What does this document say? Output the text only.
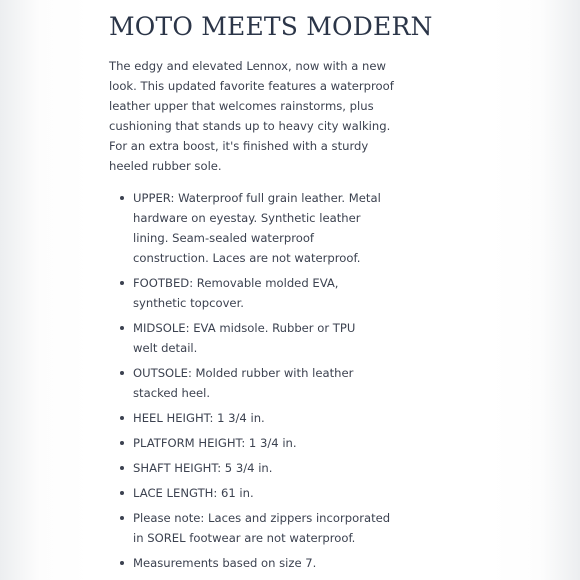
MOTO MEETS MODERN

The edgy and elevated Lennox, now with a new look. This updated favorite features a waterproof leather upper that welcomes rainstorms, plus cushioning that stands up to heavy city walking. For an extra boost, it's finished with a sturdy heeled rubber sole.

UPPER: Waterproof full grain leather. Metal hardware on eyestay. Synthetic leather lining. Seam-sealed waterproof construction. Laces are not waterproof.
FOOTBED: Removable molded EVA, synthetic topcover.
MIDSOLE: EVA midsole. Rubber or TPU welt detail.
OUTSOLE: Molded rubber with leather stacked heel.
HEEL HEIGHT: 1 3/4 in.
PLATFORM HEIGHT: 1 3/4 in.
SHAFT HEIGHT: 5 3/4 in.
LACE LENGTH: 61 in.
Please note: Laces and zippers incorporated in SOREL footwear are not waterproof.
Measurements based on size 7.
